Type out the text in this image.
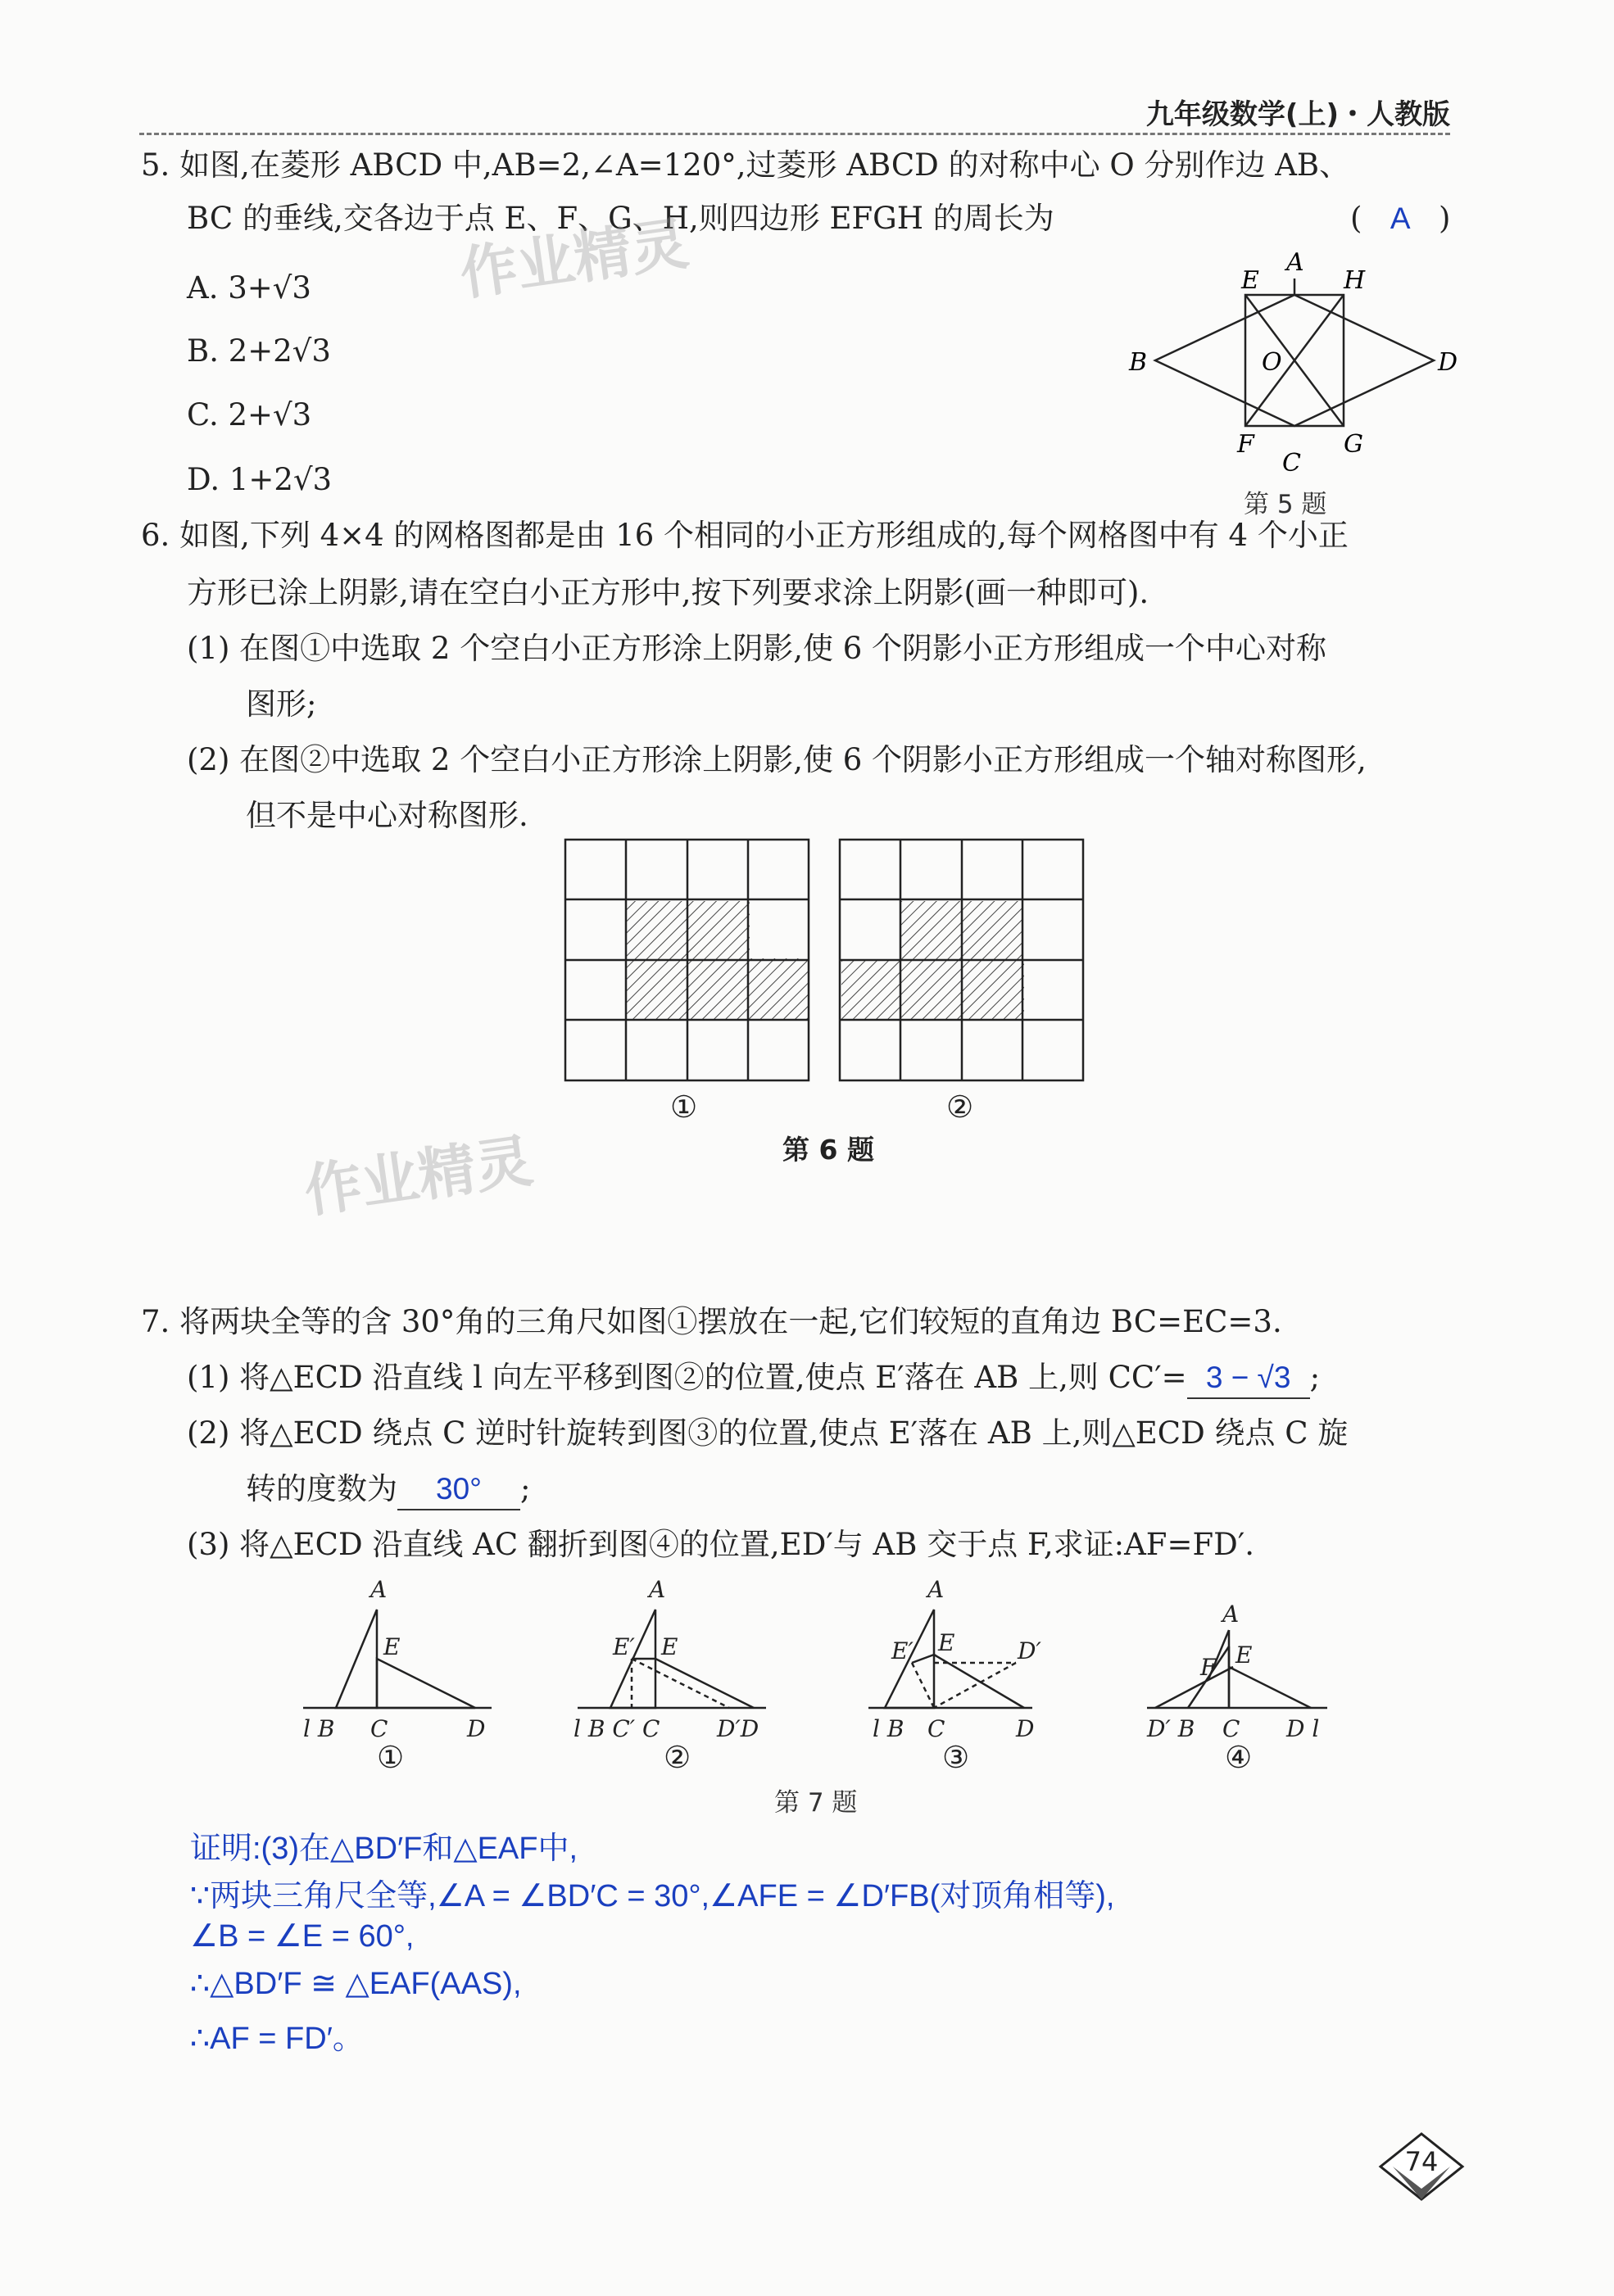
九年级数学(上)・人教版
5. 如图,在菱形 ABCD 中,AB=2,∠A=120°,过菱形 ABCD 的对称中心 O 分别作边 AB、
BC 的垂线,交各边于点 E、F、G、H,则四边形 EFGH 的周长为	( A )
作业精灵
A. 3+√3
B. 2+2√3
C. 2+√3
D. 1+2√3
A
B
C
D
E
F	G
H
O
第 5 题
6. 如图,下列 4×4 的网格图都是由 16 个相同的小正方形组成的,每个网格图中有 4 个小正
方形已涂上阴影,请在空白小正方形中,按下列要求涂上阴影(画一种即可).
(1) 在图①中选取 2 个空白小正方形涂上阴影,使 6 个阴影小正方形组成一个中心对称
图形;
(2) 在图②中选取 2 个空白小正方形涂上阴影,使 6 个阴影小正方形组成一个轴对称图形,
但不是中心对称图形.
①	②
第 6 题
作业精灵
7. 将两块全等的含 30°角的三角尺如图①摆放在一起,它们较短的直角边 BC=EC=3.
(1) 将△ECD 沿直线 l 向左平移到图②的位置,使点 E′落在 AB 上,则 CC′= 3 − √3 ;
(2) 将△ECD 绕点 C 逆时针旋转到图③的位置,使点 E′落在 AB 上,则△ECD 绕点 C 旋
转的度数为 30° ;
(3) 将△ECD 沿直线 AC 翻折到图④的位置,ED′与 AB 交于点 F,求证:AF=FD′.
A
E
l B C	D
A
E′ E
l B C′ C D′D
A
E′ E	D′
l B C	D
A
F E
D′ B C D l
①	②	③	④
第 7 题
证明:(3)在△BD′F和△EAF中,
∵两块三角尺全等,∠A = ∠BD′C = 30°,∠AFE = ∠D′FB(对顶角相等),
∠B = ∠E = 60°,
∴△BD′F ≅ △EAF(AAS),
∴AF = FD′。
74
